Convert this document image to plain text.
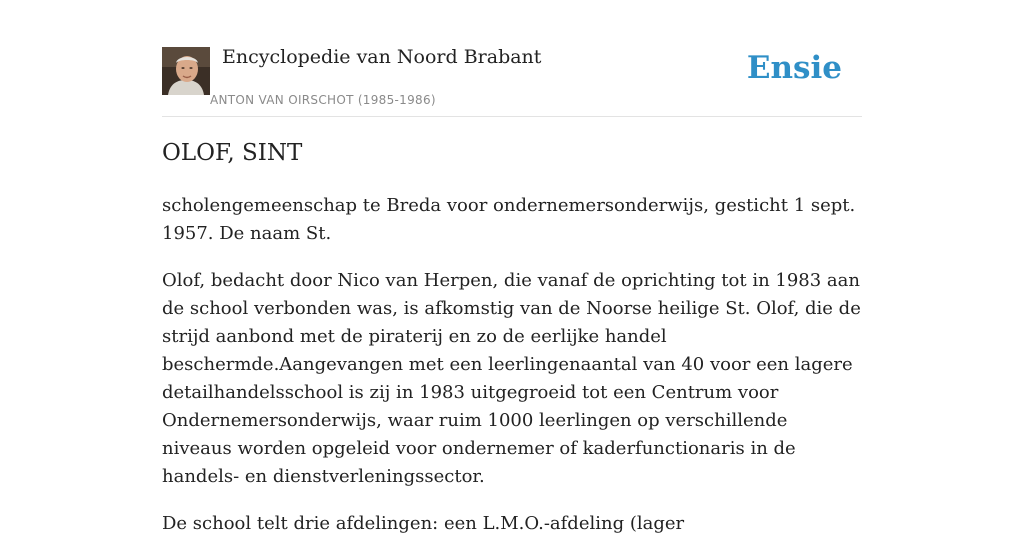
Encyclopedie van Noord Brabant
ANTON VAN OIRSCHOT (1985-1986)
Ensie
OLOF, SINT

scholengemeenschap te Breda voor ondernemersonderwijs, gesticht 1 sept. 1957. De naam St.

Olof, bedacht door Nico van Herpen, die vanaf de oprichting tot in 1983 aan de school verbonden was, is afkomstig van de Noorse heilige St. Olof, die de strijd aanbond met de piraterij en zo de eerlijke handel beschermde.Aangevangen met een leerlingenaantal van 40 voor een lagere detailhandelsschool is zij in 1983 uitgegroeid tot een Centrum voor Ondernemersonderwijs, waar ruim 1000 leerlingen op verschillende niveaus worden opgeleid voor ondernemer of kaderfunctionaris in de handels- en dienstverleningssector.

De school telt drie afdelingen: een L.M.O.-afdeling (lager
